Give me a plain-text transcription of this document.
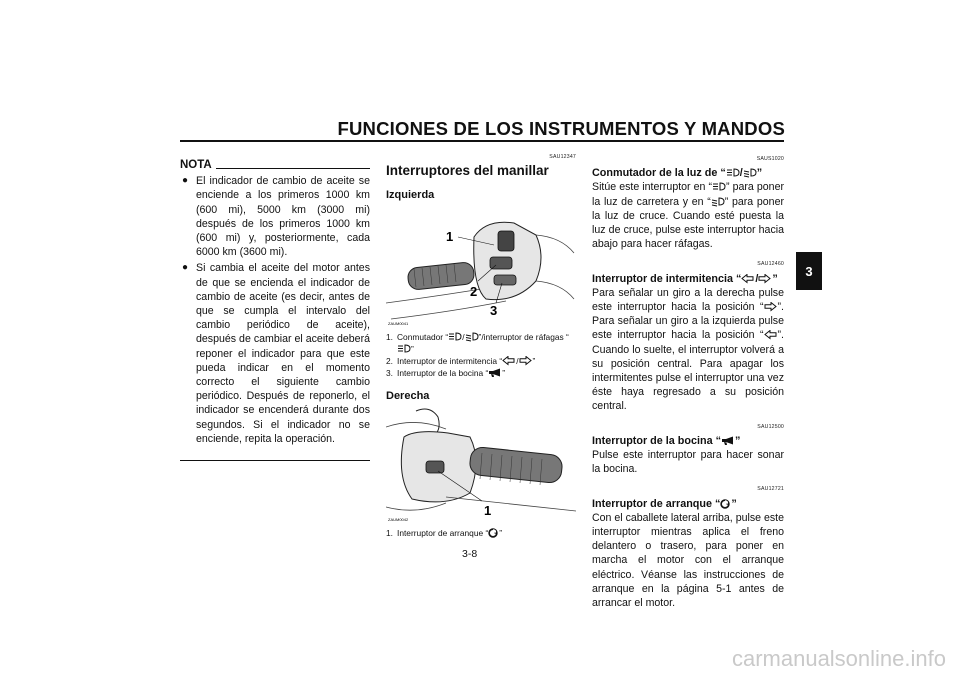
FUNCIONES DE LOS INSTRUMENTOS Y MANDOS
3
NOTA
● El indicador de cambio de aceite se enciende a los primeros 1000 km (600 mi), 5000 km (3000 mi) después de los primeros 1000 km (600 mi) y, posteriormente, cada 6000 km (3600 mi).
● Si cambia el aceite del motor antes de que se encienda el indicador de cambio de aceite (es decir, antes de que se cumpla el intervalo del cambio periódico de aceite), después de cambiar el aceite deberá reponer el indicador para que este pueda indicar en el momento correcto el siguiente cambio periódico. Después de reponerlo, el indicador se encenderá durante dos segundos. Si el indicador no se enciende, repita la operación.
SAU12347
Interruptores del manillar
Izquierda
1
2
3
ZAUM0041
1. Conmutador “ / ”/interruptor de ráfagas “”
2. Interruptor de intermitencia “ / ”
3. Interruptor de la bocina “ ”
Derecha
1
ZAUM0042
1. Interruptor de arranque “ ”
SAUS1020
Conmutador de la luz de “ / ”
Sitúe este interruptor en “ ” para poner la luz de carretera y en “ ” para poner la luz de cruce. Cuando esté puesta la luz de cruce, pulse este interruptor hacia abajo para hacer ráfagas.
SAU12460
Interruptor de intermitencia “ / ”
Para señalar un giro a la derecha pulse este interruptor hacia la posición “ ”. Para señalar un giro a la izquierda pulse este interruptor hacia la posición “ ”. Cuando lo suelte, el interruptor volverá a su posición central. Para apagar los intermitentes pulse el interruptor una vez éste haya regresado a su posición central.
SAU12500
Interruptor de la bocina “ ”
Pulse este interruptor para hacer sonar la bocina.
SAU12721
Interruptor de arranque “ ”
Con el caballete lateral arriba, pulse este interruptor mientras aplica el freno delantero o trasero, para poner en marcha el motor con el arranque eléctrico. Véanse las instrucciones de arranque en la página 5-1 antes de arrancar el motor.
3-8
carmanualsonline.info
